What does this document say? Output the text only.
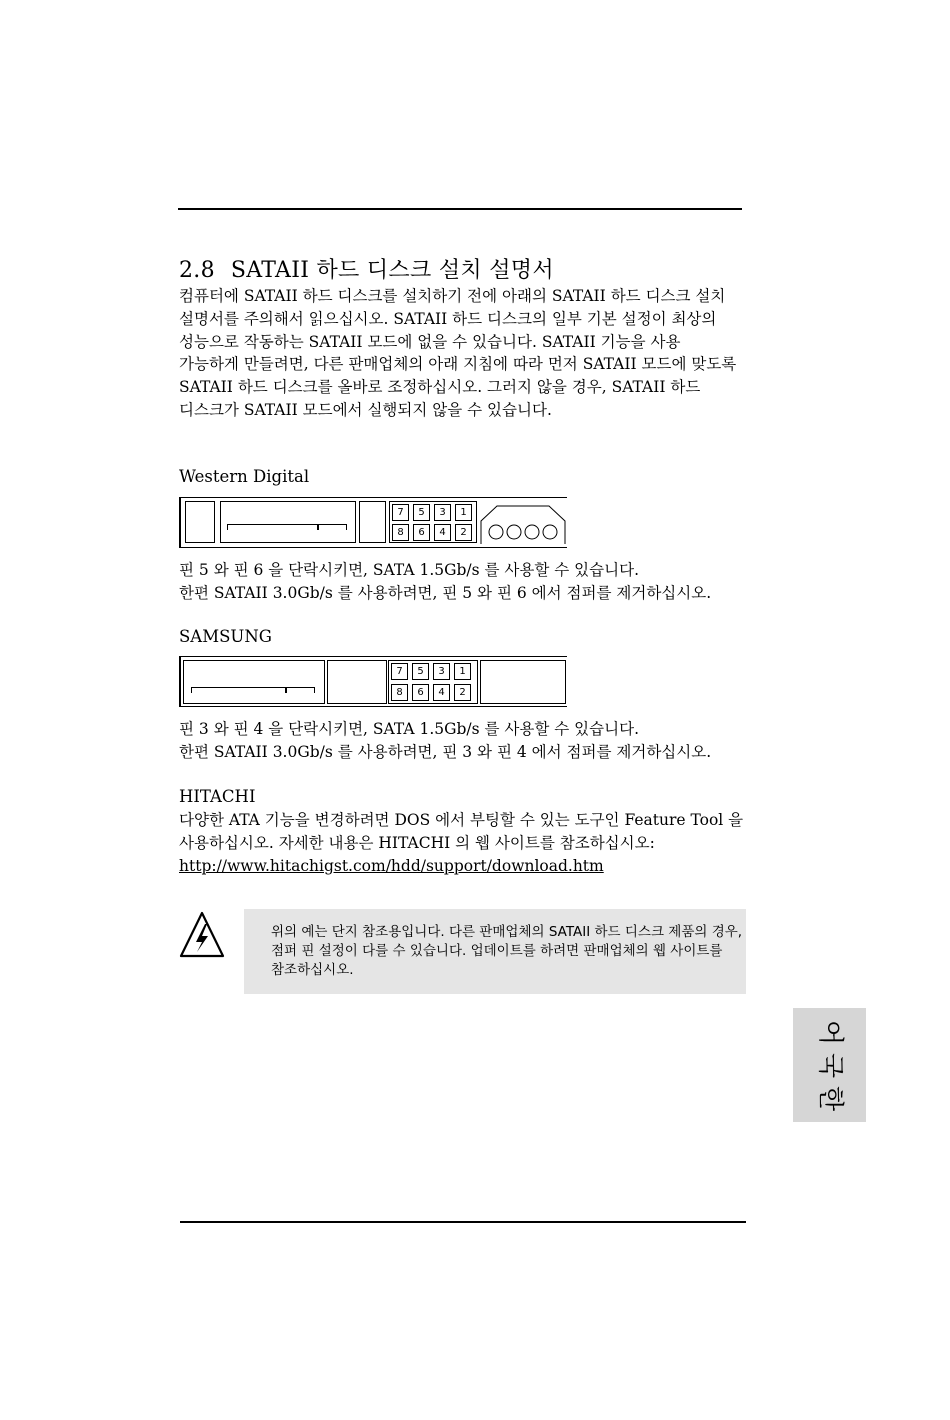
2.8 SATAII 하드 디스크 설치 설명서
컴퓨터에 SATAII 하드 디스크를 설치하기 전에 아래의 SATAII 하드 디스크 설치 설명서를 주의해서 읽으십시오. SATAII 하드 디스크의 일부 기본 설정이 최상의 성능으로 작동하는 SATAII 모드에 없을 수 있습니다. SATAII 기능을 사용 가능하게 만들려면, 다른 판매업체의 아래 지침에 따라 먼저 SATAII 모드에 맞도록 SATAII 하드 디스크를 올바로 조정하십시오. 그러지 않을 경우, SATAII 하드 디스크가 SATAII 모드에서 실행되지 않을 수 있습니다.
Western Digital
7 5 3 1
8 6 4 2
핀 5 와 핀 6 을 단락시키면, SATA 1.5Gb/s 를 사용할 수 있습니다.
한편 SATAII 3.0Gb/s 를 사용하려면, 핀 5 와 핀 6 에서 점퍼를 제거하십시오.
SAMSUNG
7 5 3 1
8 6 4 2
핀 3 와 핀 4 을 단락시키면, SATA 1.5Gb/s 를 사용할 수 있습니다.
한편 SATAII 3.0Gb/s 를 사용하려면, 핀 3 와 핀 4 에서 점퍼를 제거하십시오.
HITACHI
다양한 ATA 기능을 변경하려면 DOS 에서 부팅할 수 있는 도구인 Feature Tool 을 사용하십시오. 자세한 내용은 HITACHI 의 웹 사이트를 참조하십시오:
http://www.hitachigst.com/hdd/support/download.htm
위의 예는 단지 참조용입니다. 다른 판매업체의 SATAII 하드 디스크 제품의 경우, 점퍼 핀 설정이 다를 수 있습니다. 업데이트를 하려면 판매업체의 웹 사이트를 참조하십시오.
어
국
한
